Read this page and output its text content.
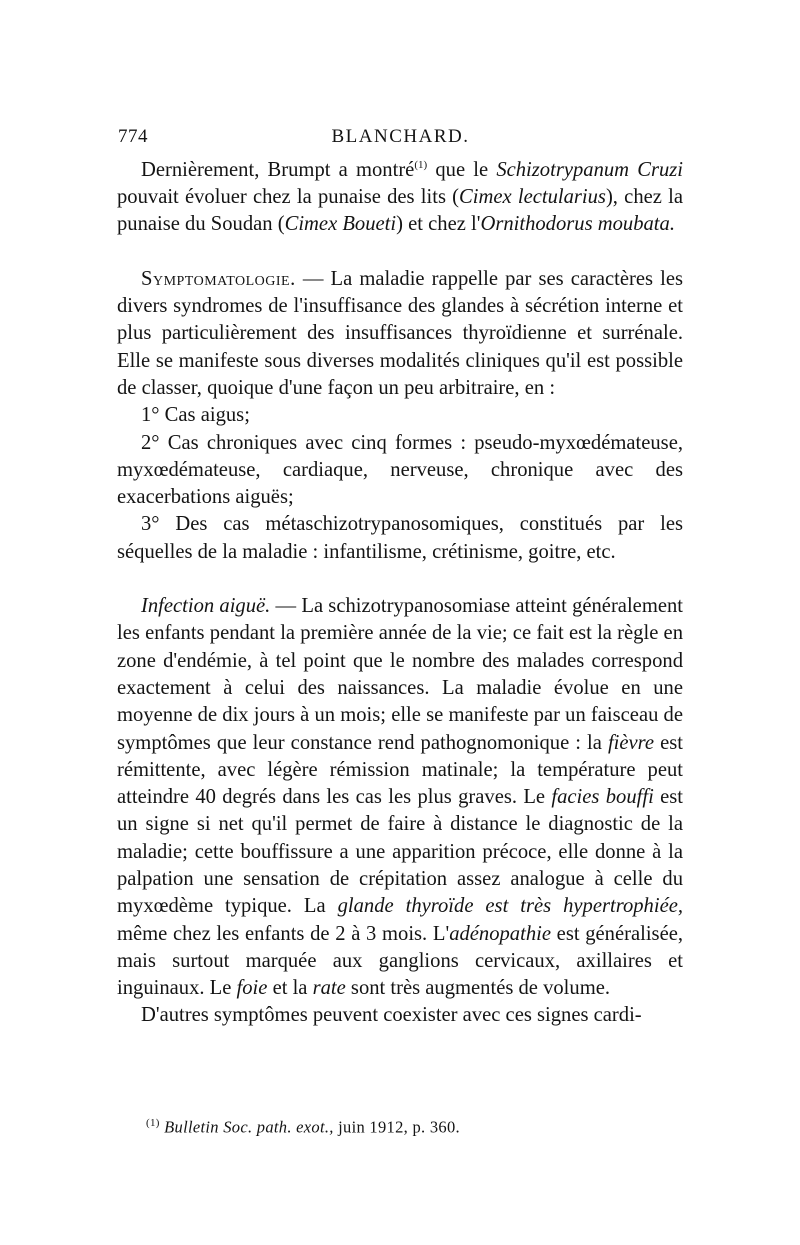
774	BLANCHARD.

Dernièrement, Brumpt a montré$^{(1)}$ que le Schizotrypanum Cruzi pouvait évoluer chez la punaise des lits (Cimex lectularius), chez la punaise du Soudan (Cimex Boueti) et chez l'Ornithodorus moubata.

Symptomatologie. — La maladie rappelle par ses caractères les divers syndromes de l'insuffisance des glandes à sécrétion interne et plus particulièrement des insuffisances thyroïdienne et surrénale. Elle se manifeste sous diverses modalités cliniques qu'il est possible de classer, quoique d'une façon un peu arbitraire, en :

1° Cas aigus;

2° Cas chroniques avec cinq formes : pseudo-myxœdémateuse, myxœdémateuse, cardiaque, nerveuse, chronique avec des exacerbations aiguës;

3° Des cas métaschizotrypanosomiques, constitués par les séquelles de la maladie : infantilisme, crétinisme, goitre, etc.

Infection aiguë. — La schizotrypanosomiase atteint généralement les enfants pendant la première année de la vie; ce fait est la règle en zone d'endémie, à tel point que le nombre des malades correspond exactement à celui des naissances. La maladie évolue en une moyenne de dix jours à un mois; elle se manifeste par un faisceau de symptômes que leur constance rend pathognomonique : la fièvre est rémittente, avec légère rémission matinale; la température peut atteindre 40 degrés dans les cas les plus graves. Le facies bouffi est un signe si net qu'il permet de faire à distance le diagnostic de la maladie; cette bouffissure a une apparition précoce, elle donne à la palpation une sensation de crépitation assez analogue à celle du myxœdème typique. La glande thyroïde est très hypertrophiée, même chez les enfants de 2 à 3 mois. L'adénopathie est généralisée, mais surtout marquée aux ganglions cervicaux, axillaires et inguinaux. Le foie et la rate sont très augmentés de volume.

D'autres symptômes peuvent coexister avec ces signes cardi-

$^{(1)}$ Bulletin Soc. path. exot., juin 1912, p. 360.
